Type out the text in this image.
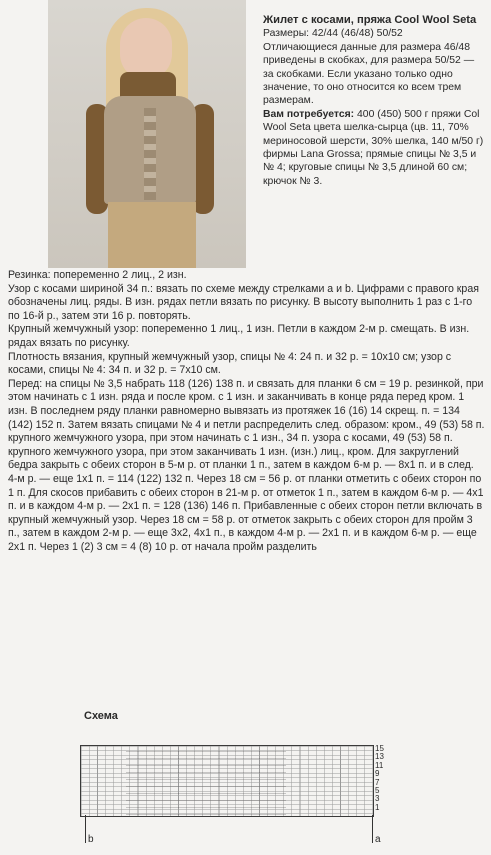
Жилет с косами, пряжа Cool Wool Seta
Размеры: 42/44 (46/48) 50/52
Отличающиеся данные для размера 46/48 приведены в скобках, для размера 50/52 — за скобками. Если указано только одно значение, то оно относится ко всем трем размерам.
Вам потребуется: 400 (450) 500 г пряжи Col Wool Seta цвета шелка-сырца (цв. 11, 70% мериносовой шерсти, 30% шелка, 140 м/50 г) фирмы Lana Grossa; прямые спицы № 3,5 и № 4; круговые спицы № 3,5 длиной 60 см; крючок № 3.

Резинка: попеременно 2 лиц., 2 изн.

Узор с косами шириной 34 п.: вязать по схеме между стрелками a и b. Цифрами с правого края обозначены лиц. ряды. В изн. рядах петли вязать по рисунку. В высоту выполнить 1 раз с 1-го по 16-й р., затем эти 16 р. повторять.

Крупный жемчужный узор: попеременно 1 лиц., 1 изн. Петли в каждом 2-м р. смещать. В изн. рядах вязать по рисунку.

Плотность вязания, крупный жемчужный узор, спицы № 4: 24 п. и 32 р. = 10x10 см; узор с косами, спицы № 4: 34 п. и 32 р. = 7x10 см.

Перед: на спицы № 3,5 набрать 118 (126) 138 п. и связать для планки 6 см = 19 р. резинкой, при этом начинать с 1 изн. ряда и после кром. с 1 изн. и заканчивать в конце ряда перед кром. 1 изн. В последнем ряду планки равномерно вывязать из протяжек 16 (16) 14 скрещ. п. = 134 (142) 152 п. Затем вязать спицами № 4 и петли распределить след. образом: кром., 49 (53) 58 п. крупного жемчужного узора, при этом начинать с 1 изн., 34 п. узора с косами, 49 (53) 58 п. крупного жемчужного узора, при этом заканчивать 1 изн. (изн.) лиц., кром. Для закруглений бедра закрыть с обеих сторон в 5-м р. от планки 1 п., затем в каждом 6-м р. — 8x1 п. и в след. 4-м р. — еще 1x1 п. = 114 (122) 132 п. Через 18 см = 56 р. от планки отметить с обеих сторон по 1 п. Для скосов прибавить с обеих сторон в 21-м р. от отметок 1 п., затем в каждом 6-м р. — 4x1 п. и в каждом 4-м р. — 2x1 п. = 128 (136) 146 п. Прибавленные с обеих сторон петли включать в крупный жемчужный узор. Через 18 см = 58 р. от отметок закрыть с обеих сторон для пройм 3 п., затем в каждом 2-м р. — еще 3x2, 4x1 п., в каждом 4-м р. — 2x1 п. и в каждом 6-м р. — еще 2x1 п. Через 1 (2) 3 см = 4 (8) 10 р. от начала пройм разделить

Схема
15
13
11
9
7
5
3
1
b	a
